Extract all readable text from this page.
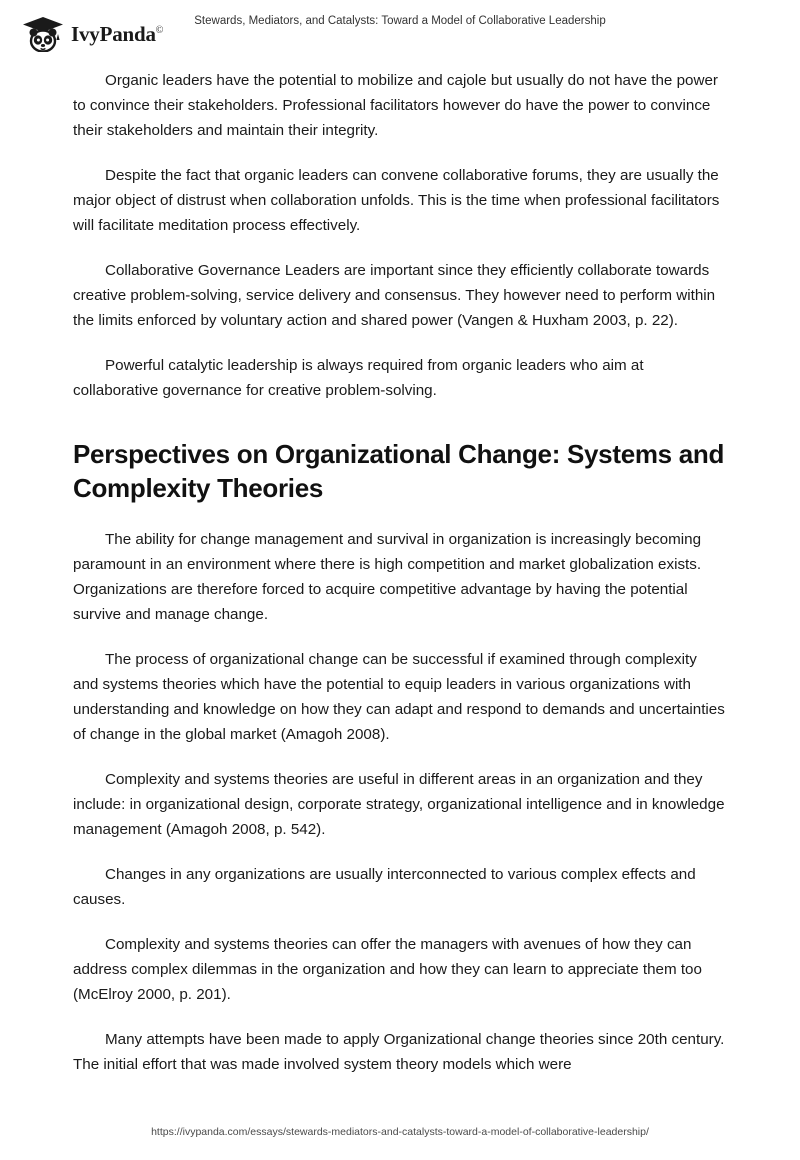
IvyPanda©
Stewards, Mediators, and Catalysts: Toward a Model of Collaborative Leadership

Organic leaders have the potential to mobilize and cajole but usually do not have the power to convince their stakeholders. Professional facilitators however do have the power to convince their stakeholders and maintain their integrity.

Despite the fact that organic leaders can convene collaborative forums, they are usually the major object of distrust when collaboration unfolds. This is the time when professional facilitators will facilitate meditation process effectively.

Collaborative Governance Leaders are important since they efficiently collaborate towards creative problem-solving, service delivery and consensus. They however need to perform within the limits enforced by voluntary action and shared power (Vangen & Huxham 2003, p. 22).

Powerful catalytic leadership is always required from organic leaders who aim at collaborative governance for creative problem-solving.

Perspectives on Organizational Change: Systems and Complexity Theories

The ability for change management and survival in organization is increasingly becoming paramount in an environment where there is high competition and market globalization exists. Organizations are therefore forced to acquire competitive advantage by having the potential survive and manage change.

The process of organizational change can be successful if examined through complexity and systems theories which have the potential to equip leaders in various organizations with understanding and knowledge on how they can adapt and respond to demands and uncertainties of change in the global market (Amagoh 2008).

Complexity and systems theories are useful in different areas in an organization and they include: in organizational design, corporate strategy, organizational intelligence and in knowledge management (Amagoh 2008, p. 542).

Changes in any organizations are usually interconnected to various complex effects and causes.

Complexity and systems theories can offer the managers with avenues of how they can address complex dilemmas in the organization and how they can learn to appreciate them too (McElroy 2000, p. 201).

Many attempts have been made to apply Organizational change theories since 20th century. The initial effort that was made involved system theory models which were

https://ivypanda.com/essays/stewards-mediators-and-catalysts-toward-a-model-of-collaborative-leadership/
